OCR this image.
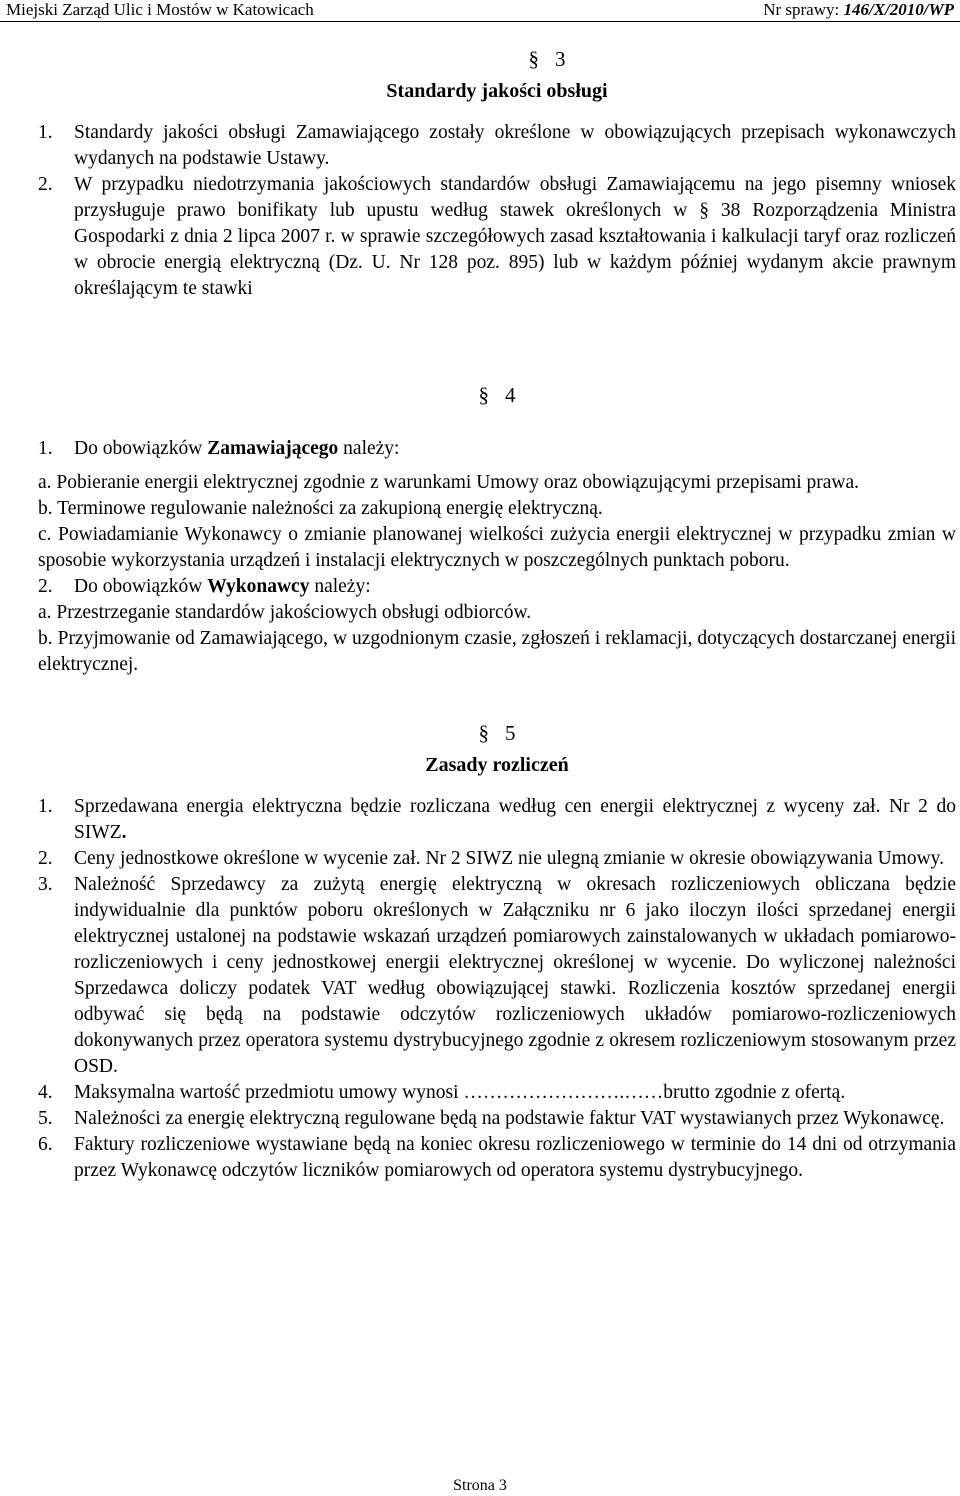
Miejski Zarząd Ulic i Mostów w Katowicach	Nr sprawy: 146/X/2010/WP
§ 3
Standardy jakości obsługi
1.	Standardy jakości obsługi Zamawiającego zostały określone w obowiązujących przepisach wykonawczych wydanych na podstawie Ustawy.
2.	W przypadku niedotrzymania jakościowych standardów obsługi Zamawiającemu na jego pisemny wniosek przysługuje prawo bonifikaty lub upustu według stawek określonych w § 38 Rozporządzenia Ministra Gospodarki z dnia 2 lipca 2007 r. w sprawie szczegółowych zasad kształtowania i kalkulacji taryf oraz rozliczeń w obrocie energią elektryczną (Dz. U. Nr 128 poz. 895) lub w każdym później wydanym akcie prawnym określającym te stawki
§ 4
1.	Do obowiązków Zamawiającego należy:
a. Pobieranie energii elektrycznej zgodnie z warunkami Umowy oraz obowiązującymi przepisami prawa.
b. Terminowe regulowanie należności za zakupioną energię elektryczną.
c. Powiadamianie Wykonawcy o zmianie planowanej wielkości zużycia energii elektrycznej w przypadku zmian w sposobie wykorzystania urządzeń i instalacji elektrycznych w poszczególnych punktach poboru.
2.	Do obowiązków Wykonawcy należy:
a. Przestrzeganie standardów jakościowych obsługi odbiorców.
b. Przyjmowanie od Zamawiającego, w uzgodnionym czasie, zgłoszeń i reklamacji, dotyczących dostarczanej energii elektrycznej.
§ 5
Zasady rozliczeń
1.	Sprzedawana energia elektryczna będzie rozliczana według cen energii elektrycznej z wyceny zał. Nr 2 do SIWZ.
2.	Ceny jednostkowe określone w wycenie zał. Nr 2 SIWZ nie ulegną zmianie w okresie obowiązywania Umowy.
3.	Należność Sprzedawcy za zużytą energię elektryczną w okresach rozliczeniowych obliczana będzie indywidualnie dla punktów poboru określonych w Załączniku nr 6 jako iloczyn ilości sprzedanej energii elektrycznej ustalonej na podstawie wskazań urządzeń pomiarowych zainstalowanych w układach pomiarowo-rozliczeniowych i ceny jednostkowej energii elektrycznej określonej w wycenie. Do wyliczonej należności Sprzedawca doliczy podatek VAT według obowiązującej stawki. Rozliczenia kosztów sprzedanej energii odbywać się będą na podstawie odczytów rozliczeniowych układów pomiarowo-rozliczeniowych dokonywanych przez operatora systemu dystrybucyjnego zgodnie z okresem rozliczeniowym stosowanym przez OSD.
4.	Maksymalna wartość przedmiotu umowy wynosi …………………….……brutto zgodnie z ofertą.
5.	Należności za energię elektryczną regulowane będą na podstawie faktur VAT wystawianych przez Wykonawcę.
6.	Faktury rozliczeniowe wystawiane będą na koniec okresu rozliczeniowego w terminie do 14 dni od otrzymania przez Wykonawcę odczytów liczników pomiarowych od operatora systemu dystrybucyjnego.
Strona 3
